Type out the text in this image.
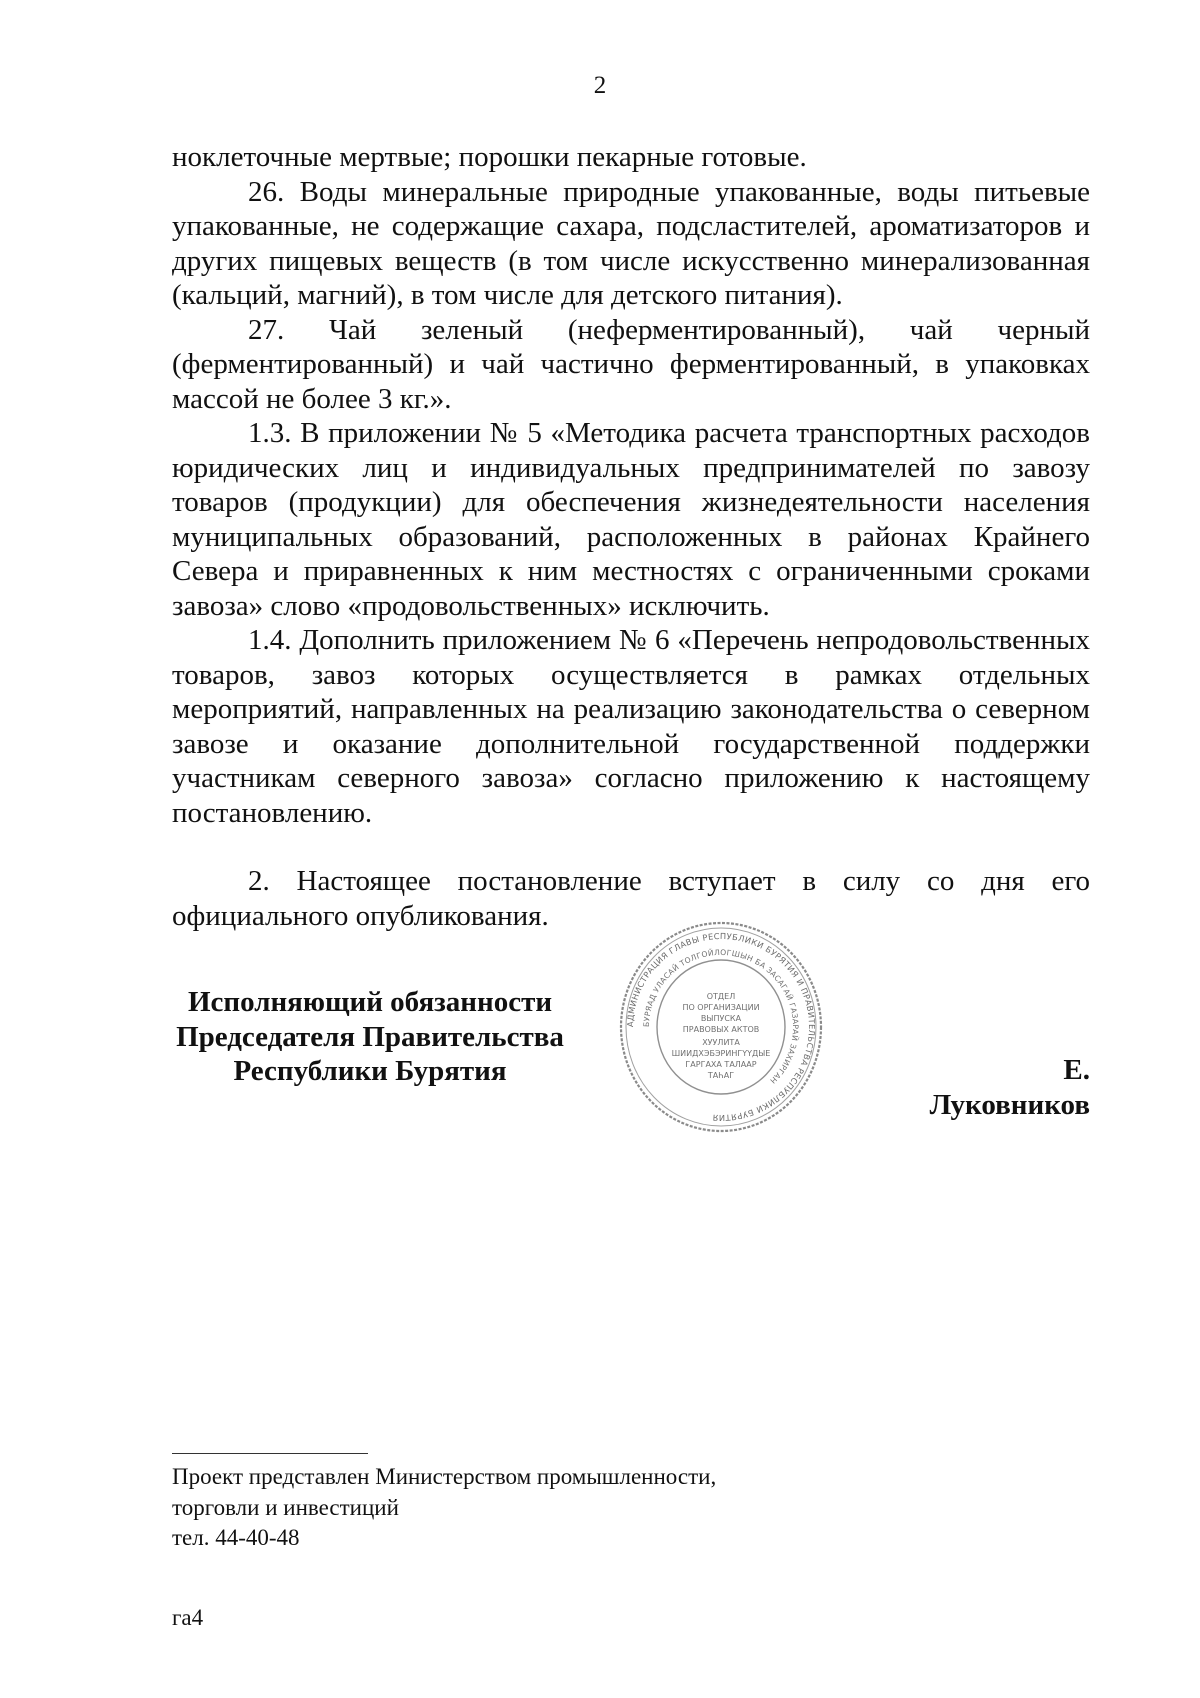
2

ноклеточные мертвые; порошки пекарные готовые.

26. Воды минеральные природные упакованные, воды питьевые упакованные, не содержащие сахара, подсластителей, ароматизаторов и других пищевых веществ (в том числе искусственно минерализованная (кальций, магний), в том числе для детского питания).

27. Чай зеленый (неферментированный), чай черный (ферментированный) и чай частично ферментированный, в упаковках массой не более 3 кг.».

1.3. В приложении № 5 «Методика расчета транспортных расходов юридических лиц и индивидуальных предпринимателей по завозу товаров (продукции) для обеспечения жизнедеятельности населения муниципальных образований, расположенных в районах Крайнего Севера и приравненных к ним местностях с ограниченными сроками завоза» слово «продовольственных» исключить.

1.4. Дополнить приложением № 6 «Перечень непродовольственных товаров, завоз которых осуществляется в рамках отдельных мероприятий, направленных на реализацию законодательства о северном завозе и оказание дополнительной государственной поддержки участникам северного завоза» согласно приложению к настоящему постановлению.

2. Настоящее постановление вступает в силу со дня его официального опубликования.

Исполняющий обязанности
Председателя Правительства
Республики Бурятия
АДМИНИСТРАЦИЯ ГЛАВЫ РЕСПУБЛИКИ БУРЯТИЯ И ПРАВИТЕЛЬСТВА РЕСПУБЛИКИ БУРЯТИЯ
БУРЯАД УЛАСАЙ ТОЛГОЙЛОГШЫН БА ЗАСАГАЙ ГАЗАРАЙ ЗАХИРГАН
ОТДЕЛ
ПО ОРГАНИЗАЦИИ
ВЫПУСКА
ПРАВОВЫХ АКТОВ
ХУУЛИТА
ШИИДХЭБЭРИНГҮҮДЫЕ
ГАРГАХА ТАЛААР
ТАҺАГ	Е. Луковников
Проект представлен Министерством промышленности,
торговли и инвестиций
тел. 44-40-48
га4
